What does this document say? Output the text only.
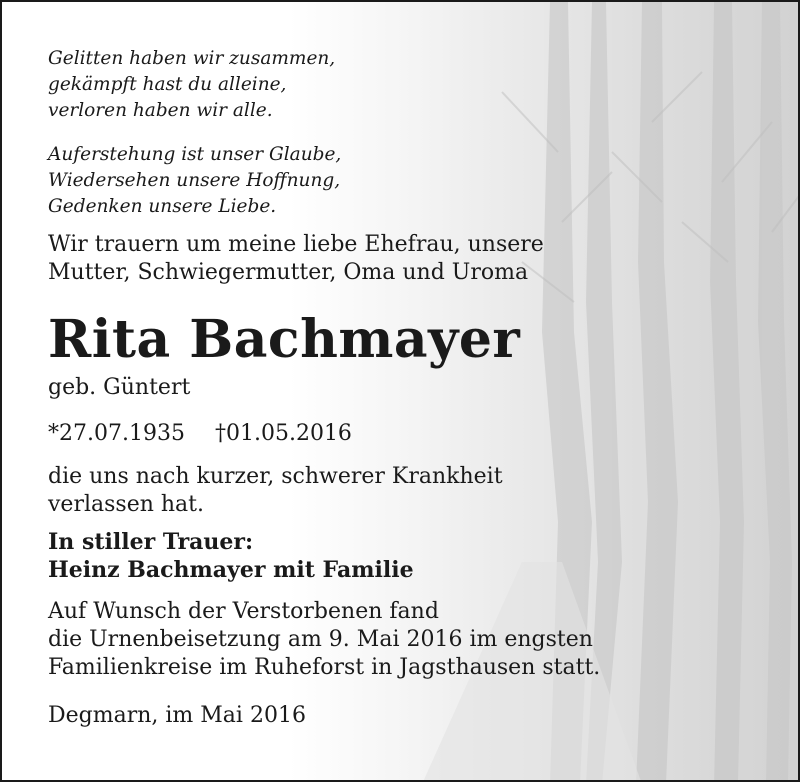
Gelitten haben wir zusammen,
gekämpft hast du alleine,
verloren haben wir alle.
Auferstehung ist unser Glaube,
Wiedersehen unsere Hoffnung,
Gedenken unsere Liebe.
Wir trauern um meine liebe Ehefrau, unsere
Mutter, Schwiegermutter, Oma und Uroma
Rita Bachmayer
geb. Güntert
*27.07.1935 †01.05.2016
die uns nach kurzer, schwerer Krankheit
verlassen hat.
In stiller Trauer:
Heinz Bachmayer mit Familie
Auf Wunsch der Verstorbenen fand
die Urnenbeisetzung am 9. Mai 2016 im engsten
Familienkreise im Ruheforst in Jagsthausen statt.
Degmarn, im Mai 2016
